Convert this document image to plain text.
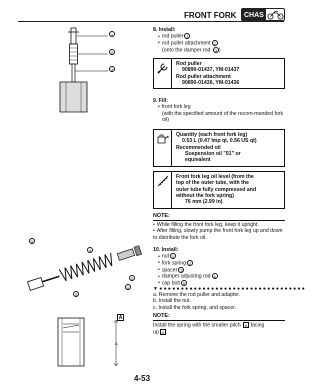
FRONT FORK CHAS
1
2
3
A
5
4
2
3
1
A
8. Install:
• rod puller 1
• rod puller attachment 2
(onto the damper rod 3 )
Rod puller
90890-01437, YM-01437
Rod puller attachment
90890-01436, YM-01436
9. Fill:
• front fork leg
(with the specified amount of the recom-mended fork oil)
Quantity (each front fork leg)
0.53 L (0.47 Imp qt, 0.56 US qt)
Recommended oil
Suspension oil "01" or
equivalent
Front fork leg oil level (from the
top of the outer tube, with the
outer tube fully compressed and
without the fork spring)
76 mm (2.99 in)
NOTE:
• While filling the front fork leg, keep it upright.
• After filling, slowly pump the front fork leg up and down to distribute the fork oil.
10. Install:
• nut 1
• fork spring 2
• spacer 3
• damper adjusting rod 4
• cap bolt 5
▼●●●●●●●●●●●●●●●●●●●●●●●●●●●●●●●●●●
a. Remove the rod puller and adapter.
b. Install the nut.
c. Install the fork spring, and spacer.
NOTE:
Install the spring with the smaller pitch A facing
up A .
4-53
